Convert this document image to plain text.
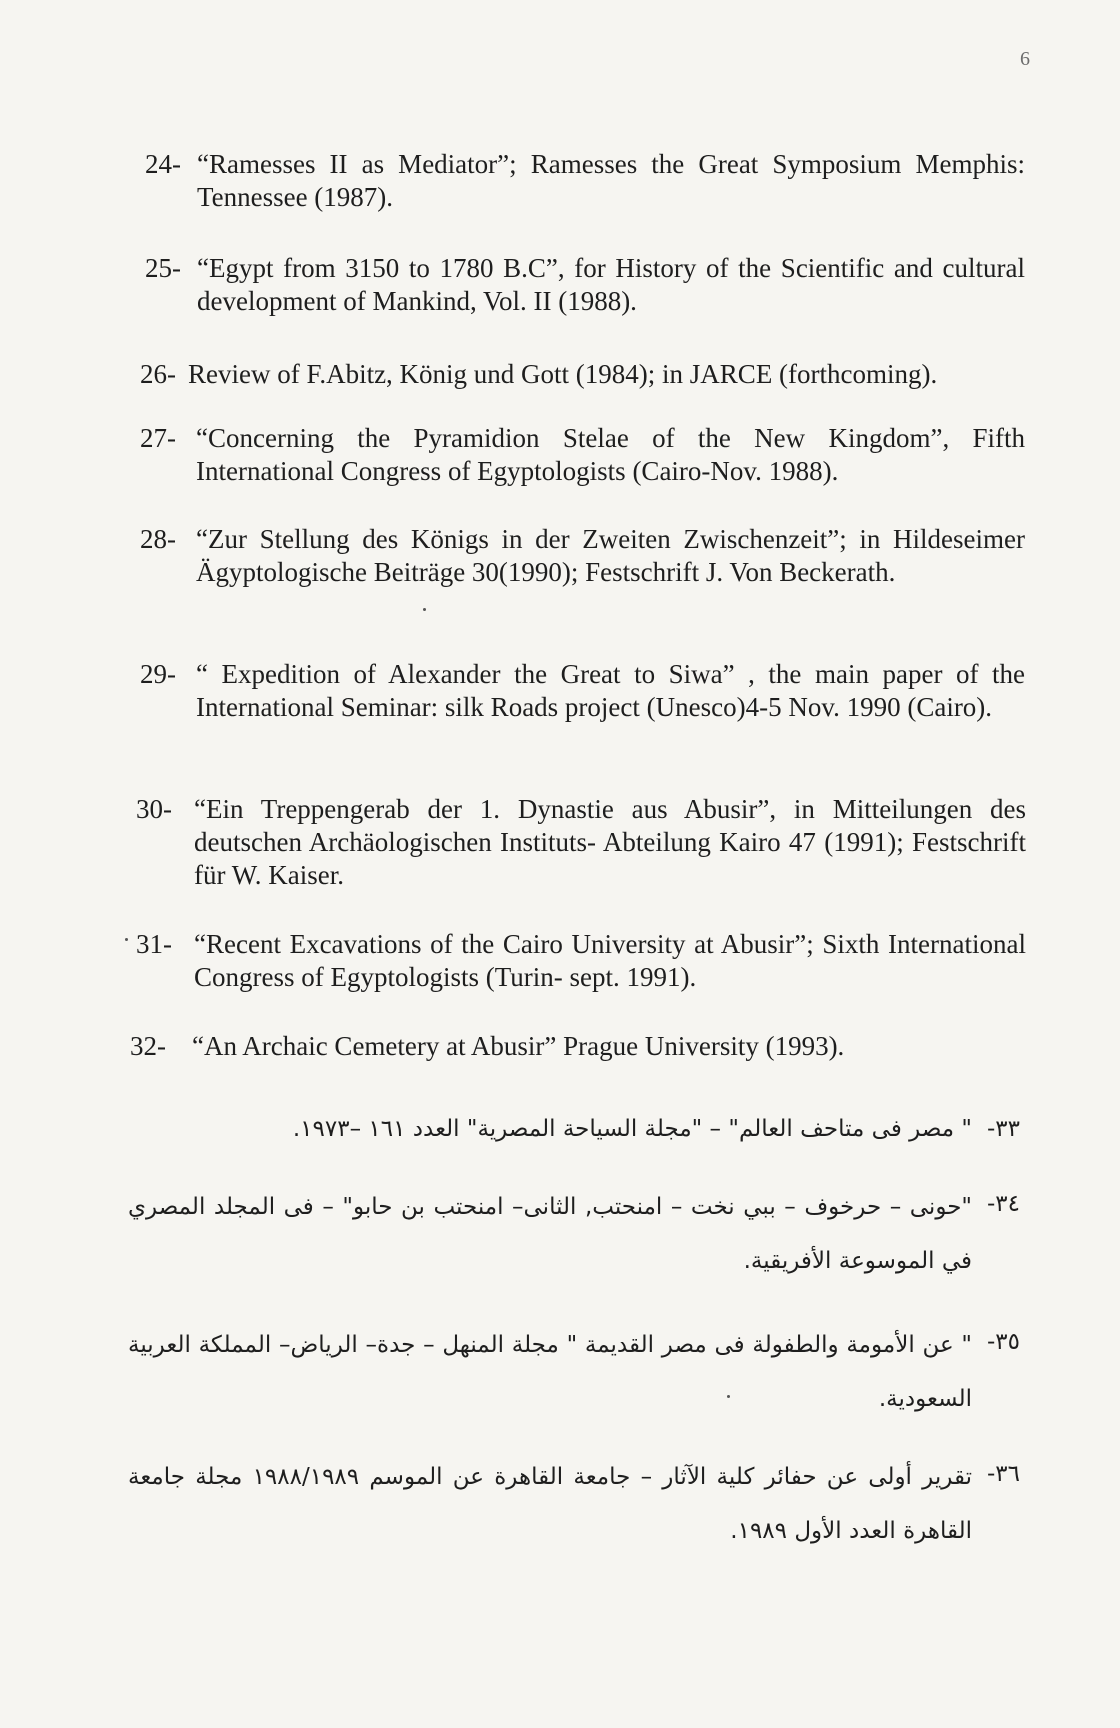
6
24- “Ramesses II as Mediator”; Ramesses the Great Symposium Memphis: Tennessee (1987).
25- “Egypt from 3150 to 1780 B.C”, for History of the Scientific and cultural development of Mankind, Vol. II (1988).
26- Review of F.Abitz, König und Gott (1984); in JARCE (forthcoming).
27- “Concerning the Pyramidion Stelae of the New Kingdom”, Fifth International Congress of Egyptologists (Cairo-Nov. 1988).
28- “Zur Stellung des Königs in der Zweiten Zwischenzeit”; in Hildeseimer Ägyptologische Beiträge 30(1990); Festschrift J. Von Beckerath.
29- “ Expedition of Alexander the Great to Siwa” , the main paper of the International Seminar: silk Roads project (Unesco)4-5 Nov. 1990 (Cairo).
30- “Ein Treppengerab der 1. Dynastie aus Abusir”, in Mitteilungen des deutschen Archäologischen Instituts- Abteilung Kairo 47 (1991); Festschrift für W. Kaiser.
31- “Recent Excavations of the Cairo University at Abusir”; Sixth International Congress of Egyptologists (Turin- sept. 1991).
32- “An Archaic Cemetery at Abusir” Prague University (1993).
٣٣-
" مصر فى متاحف العالم" – "مجلة السياحة المصرية" العدد ١٦١ –١٩٧٣.
٣٤-
"حونى – حرخوف – ببي نخت – امنحتب, الثانى– امنحتب بن حابو" – فى المجلد المصري في الموسوعة الأفريقية.
٣٥-
" عن الأمومة والطفولة فى مصر القديمة " مجلة المنهل – جدة– الرياض– المملكة العربية السعودية.
٣٦-
تقرير أولى عن حفائر كلية الآثار – جامعة القاهرة عن الموسم ١٩٨٨/١٩٨٩ مجلة جامعة القاهرة العدد الأول ١٩٨٩.
